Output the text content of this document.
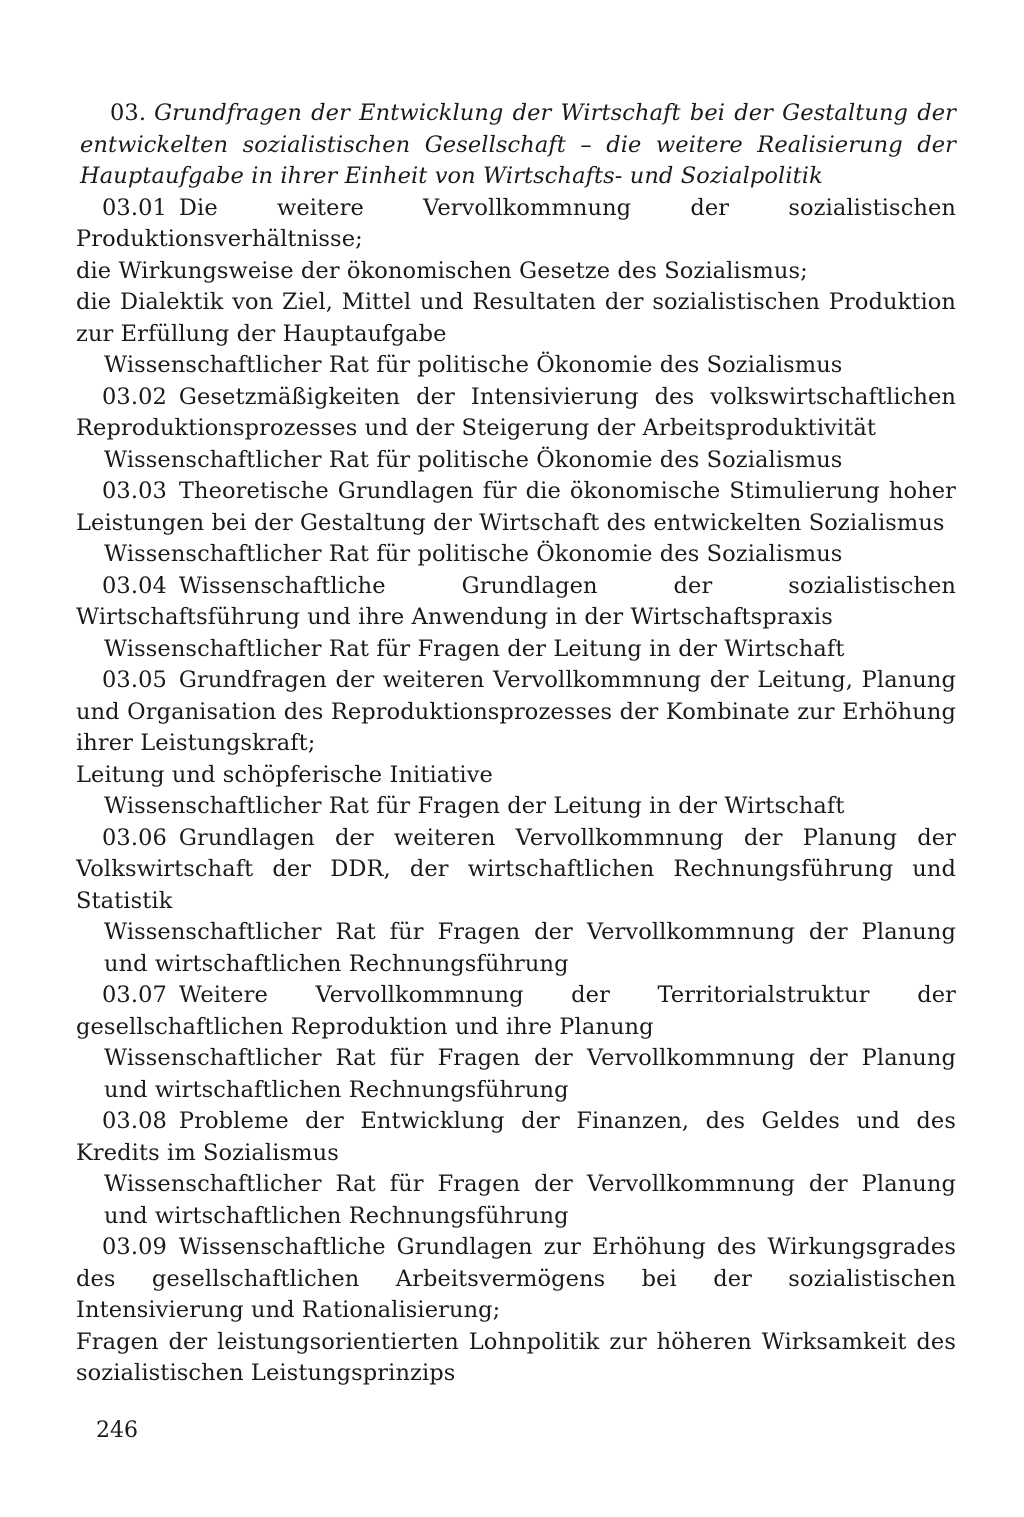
03. Grundfragen der Entwicklung der Wirtschaft bei der Gestaltung der entwickelten sozialistischen Gesellschaft – die weitere Realisierung der Hauptaufgabe in ihrer Einheit von Wirtschafts- und Sozialpolitik

03.01 Die weitere Vervollkommnung der sozialistischen Produktionsverhältnisse;

die Wirkungsweise der ökonomischen Gesetze des Sozialismus;

die Dialektik von Ziel, Mittel und Resultaten der sozialistischen Produktion zur Erfüllung der Hauptaufgabe

Wissenschaftlicher Rat für politische Ökonomie des Sozialismus

03.02 Gesetzmäßigkeiten der Intensivierung des volkswirtschaftlichen Reproduktionsprozesses und der Steigerung der Arbeitsproduktivität

Wissenschaftlicher Rat für politische Ökonomie des Sozialismus

03.03 Theoretische Grundlagen für die ökonomische Stimulierung hoher Leistungen bei der Gestaltung der Wirtschaft des entwickelten Sozialismus

Wissenschaftlicher Rat für politische Ökonomie des Sozialismus

03.04 Wissenschaftliche Grundlagen der sozialistischen Wirtschaftsführung und ihre Anwendung in der Wirtschaftspraxis

Wissenschaftlicher Rat für Fragen der Leitung in der Wirtschaft

03.05 Grundfragen der weiteren Vervollkommnung der Leitung, Planung und Organisation des Reproduktionsprozesses der Kombinate zur Erhöhung ihrer Leistungskraft;

Leitung und schöpferische Initiative

Wissenschaftlicher Rat für Fragen der Leitung in der Wirtschaft

03.06 Grundlagen der weiteren Vervollkommnung der Planung der Volkswirtschaft der DDR, der wirtschaftlichen Rechnungsführung und Statistik

Wissenschaftlicher Rat für Fragen der Vervollkommnung der Planung und wirtschaftlichen Rechnungsführung

03.07 Weitere Vervollkommnung der Territorialstruktur der gesellschaftlichen Reproduktion und ihre Planung

Wissenschaftlicher Rat für Fragen der Vervollkommnung der Planung und wirtschaftlichen Rechnungsführung

03.08 Probleme der Entwicklung der Finanzen, des Geldes und des Kredits im Sozialismus

Wissenschaftlicher Rat für Fragen der Vervollkommnung der Planung und wirtschaftlichen Rechnungsführung

03.09 Wissenschaftliche Grundlagen zur Erhöhung des Wirkungsgrades des gesellschaftlichen Arbeitsvermögens bei der sozialistischen Intensivierung und Rationalisierung;

Fragen der leistungsorientierten Lohnpolitik zur höheren Wirksamkeit des sozialistischen Leistungsprinzips

246
